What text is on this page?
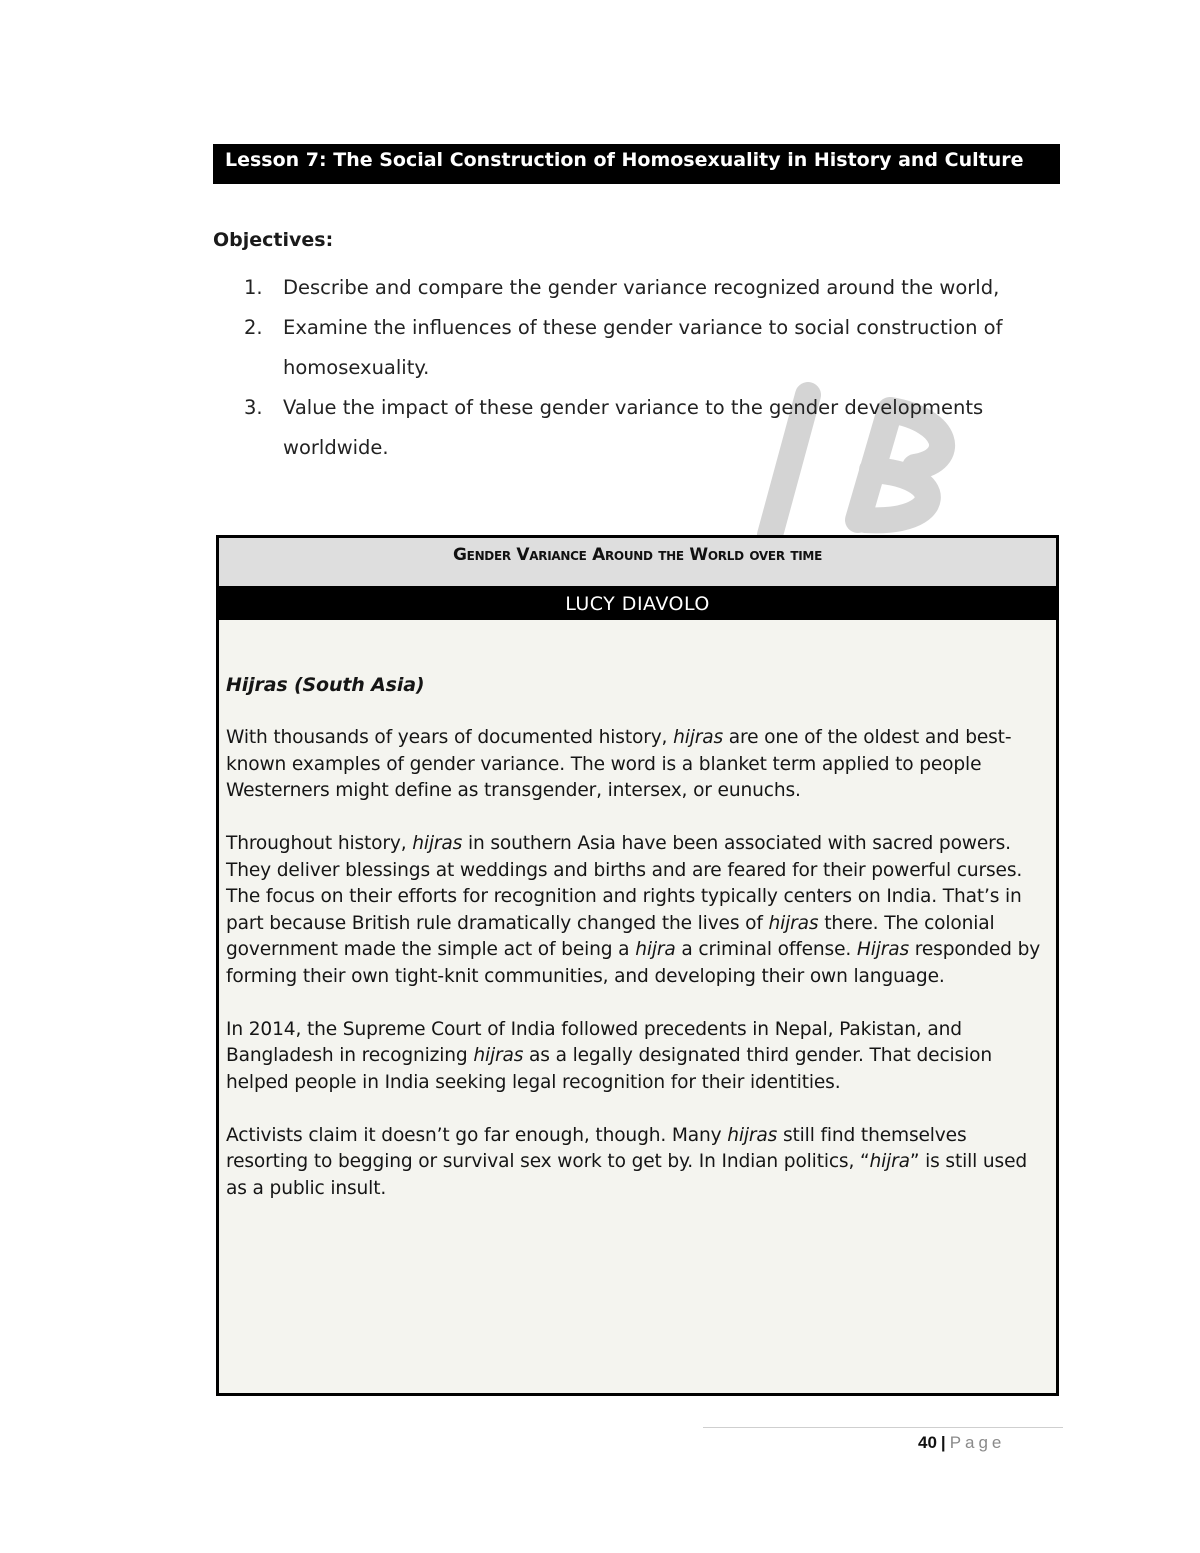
Lesson 7: The Social Construction of Homosexuality in History and Culture
Objectives:
1. Describe and compare the gender variance recognized around the world,
2. Examine the influences of these gender variance to social construction of homosexuality.
3. Value the impact of these gender variance to the gender developments worldwide.
Gender Variance Around the World over time
LUCY DIAVOLO

Hijras (South Asia)

With thousands of years of documented history, hijras are one of the oldest and best-known examples of gender variance. The word is a blanket term applied to people Westerners might define as transgender, intersex, or eunuchs.

Throughout history, hijras in southern Asia have been associated with sacred powers. They deliver blessings at weddings and births and are feared for their powerful curses. The focus on their efforts for recognition and rights typically centers on India. That’s in part because British rule dramatically changed the lives of hijras there. The colonial government made the simple act of being a hijra a criminal offense. Hijras responded by forming their own tight-knit communities, and developing their own language.

In 2014, the Supreme Court of India followed precedents in Nepal, Pakistan, and Bangladesh in recognizing hijras as a legally designated third gender. That decision helped people in India seeking legal recognition for their identities.

Activists claim it doesn’t go far enough, though. Many hijras still find themselves resorting to begging or survival sex work to get by. In Indian politics, “hijra” is still used as a public insult.

40 | Page
